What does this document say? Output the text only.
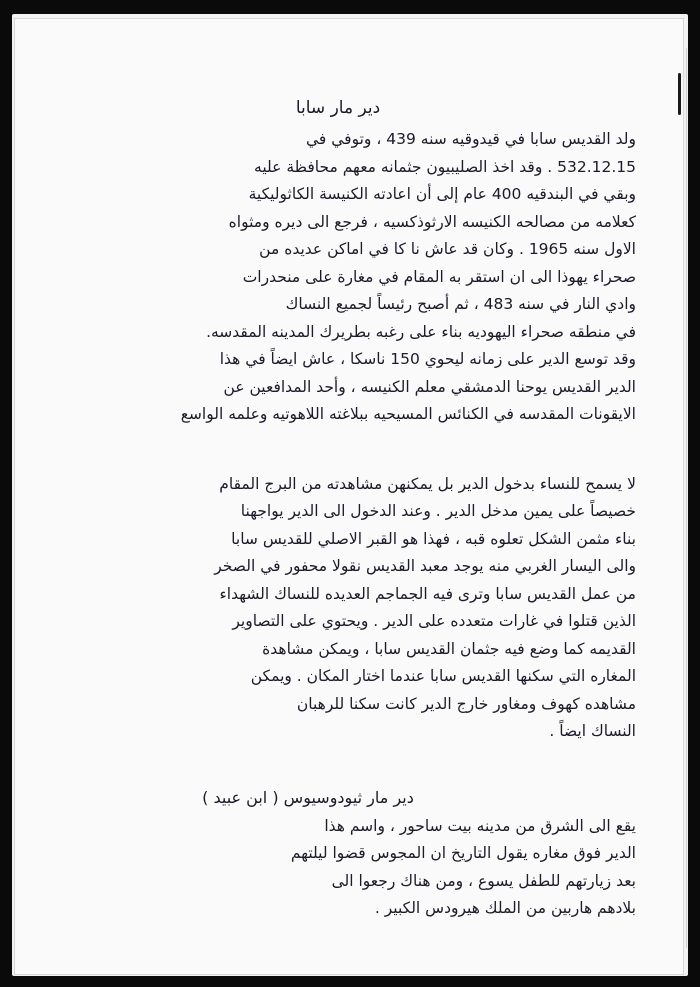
دير مار سابا
ولد القديس سابا في قيدوقيه سنه 439 ، وتوفي في
532.12.15 . وقد اخذ الصليبيون جثمانه معهم محافظة عليه
وبقي في البندقيه 400 عام إلى أن اعادته الكنيسة الكاثوليكية
كعلامه من مصالحه الكنيسه الارثوذكسيه ، فرجع الى ديره ومثواه
الاول سنه 1965 . وكان قد عاش نا كا في اماكن عديده من
صحراء يهوذا الى ان استقر به المقام في مغارة على منحدرات
وادي النار في سنه 483 ، ثم أصبح رئيساً لجميع النساك
في منطقه صحراء اليهوديه بناء على رغبه بطريرك المدينه المقدسه.
وقد توسع الدير على زمانه ليحوي 150 ناسكا ، عاش ايضاً في هذا
الدير القديس يوحنا الدمشقي معلم الكنيسه ، وأحد المدافعين عن
الايقونات المقدسه في الكنائس المسيحيه ببلاغته اللاهوتيه وعلمه الواسع
لا يسمح للنساء بدخول الدير بل يمكنهن مشاهدته من البرج المقام
خصيصاً على يمين مدخل الدير . وعند الدخول الى الدير يواجهنا
بناء مثمن الشكل تعلوه قبه ، فهذا هو القبر الاصلي للقديس سابا
والى اليسار الغربي منه يوجد معبد القديس نقولا محفور في الصخر
من عمل القديس سابا وترى فيه الجماجم العديده للنساك الشهداء
الذين قتلوا في غارات متعدده على الدير . ويحتوي على التصاوير
القديمه كما وضع فيه جثمان القديس سابا ، ويمكن مشاهدة
المغاره التي سكنها القديس سابا عندما اختار المكان . ويمكن
مشاهده كهوف ومغاور خارج الدير كانت سكنا للرهبان
النساك ايضاً .
دير مار ثيودوسيوس ( ابن عبيد )
يقع الى الشرق من مدينه بيت ساحور ، واسم هذا
الدير فوق مغاره يقول التاريخ ان المجوس قضوا ليلتهم
بعد زيارتهم للطفل يسوع ، ومن هناك رجعوا الى
بلادهم هاربين من الملك هيرودس الكبير .
